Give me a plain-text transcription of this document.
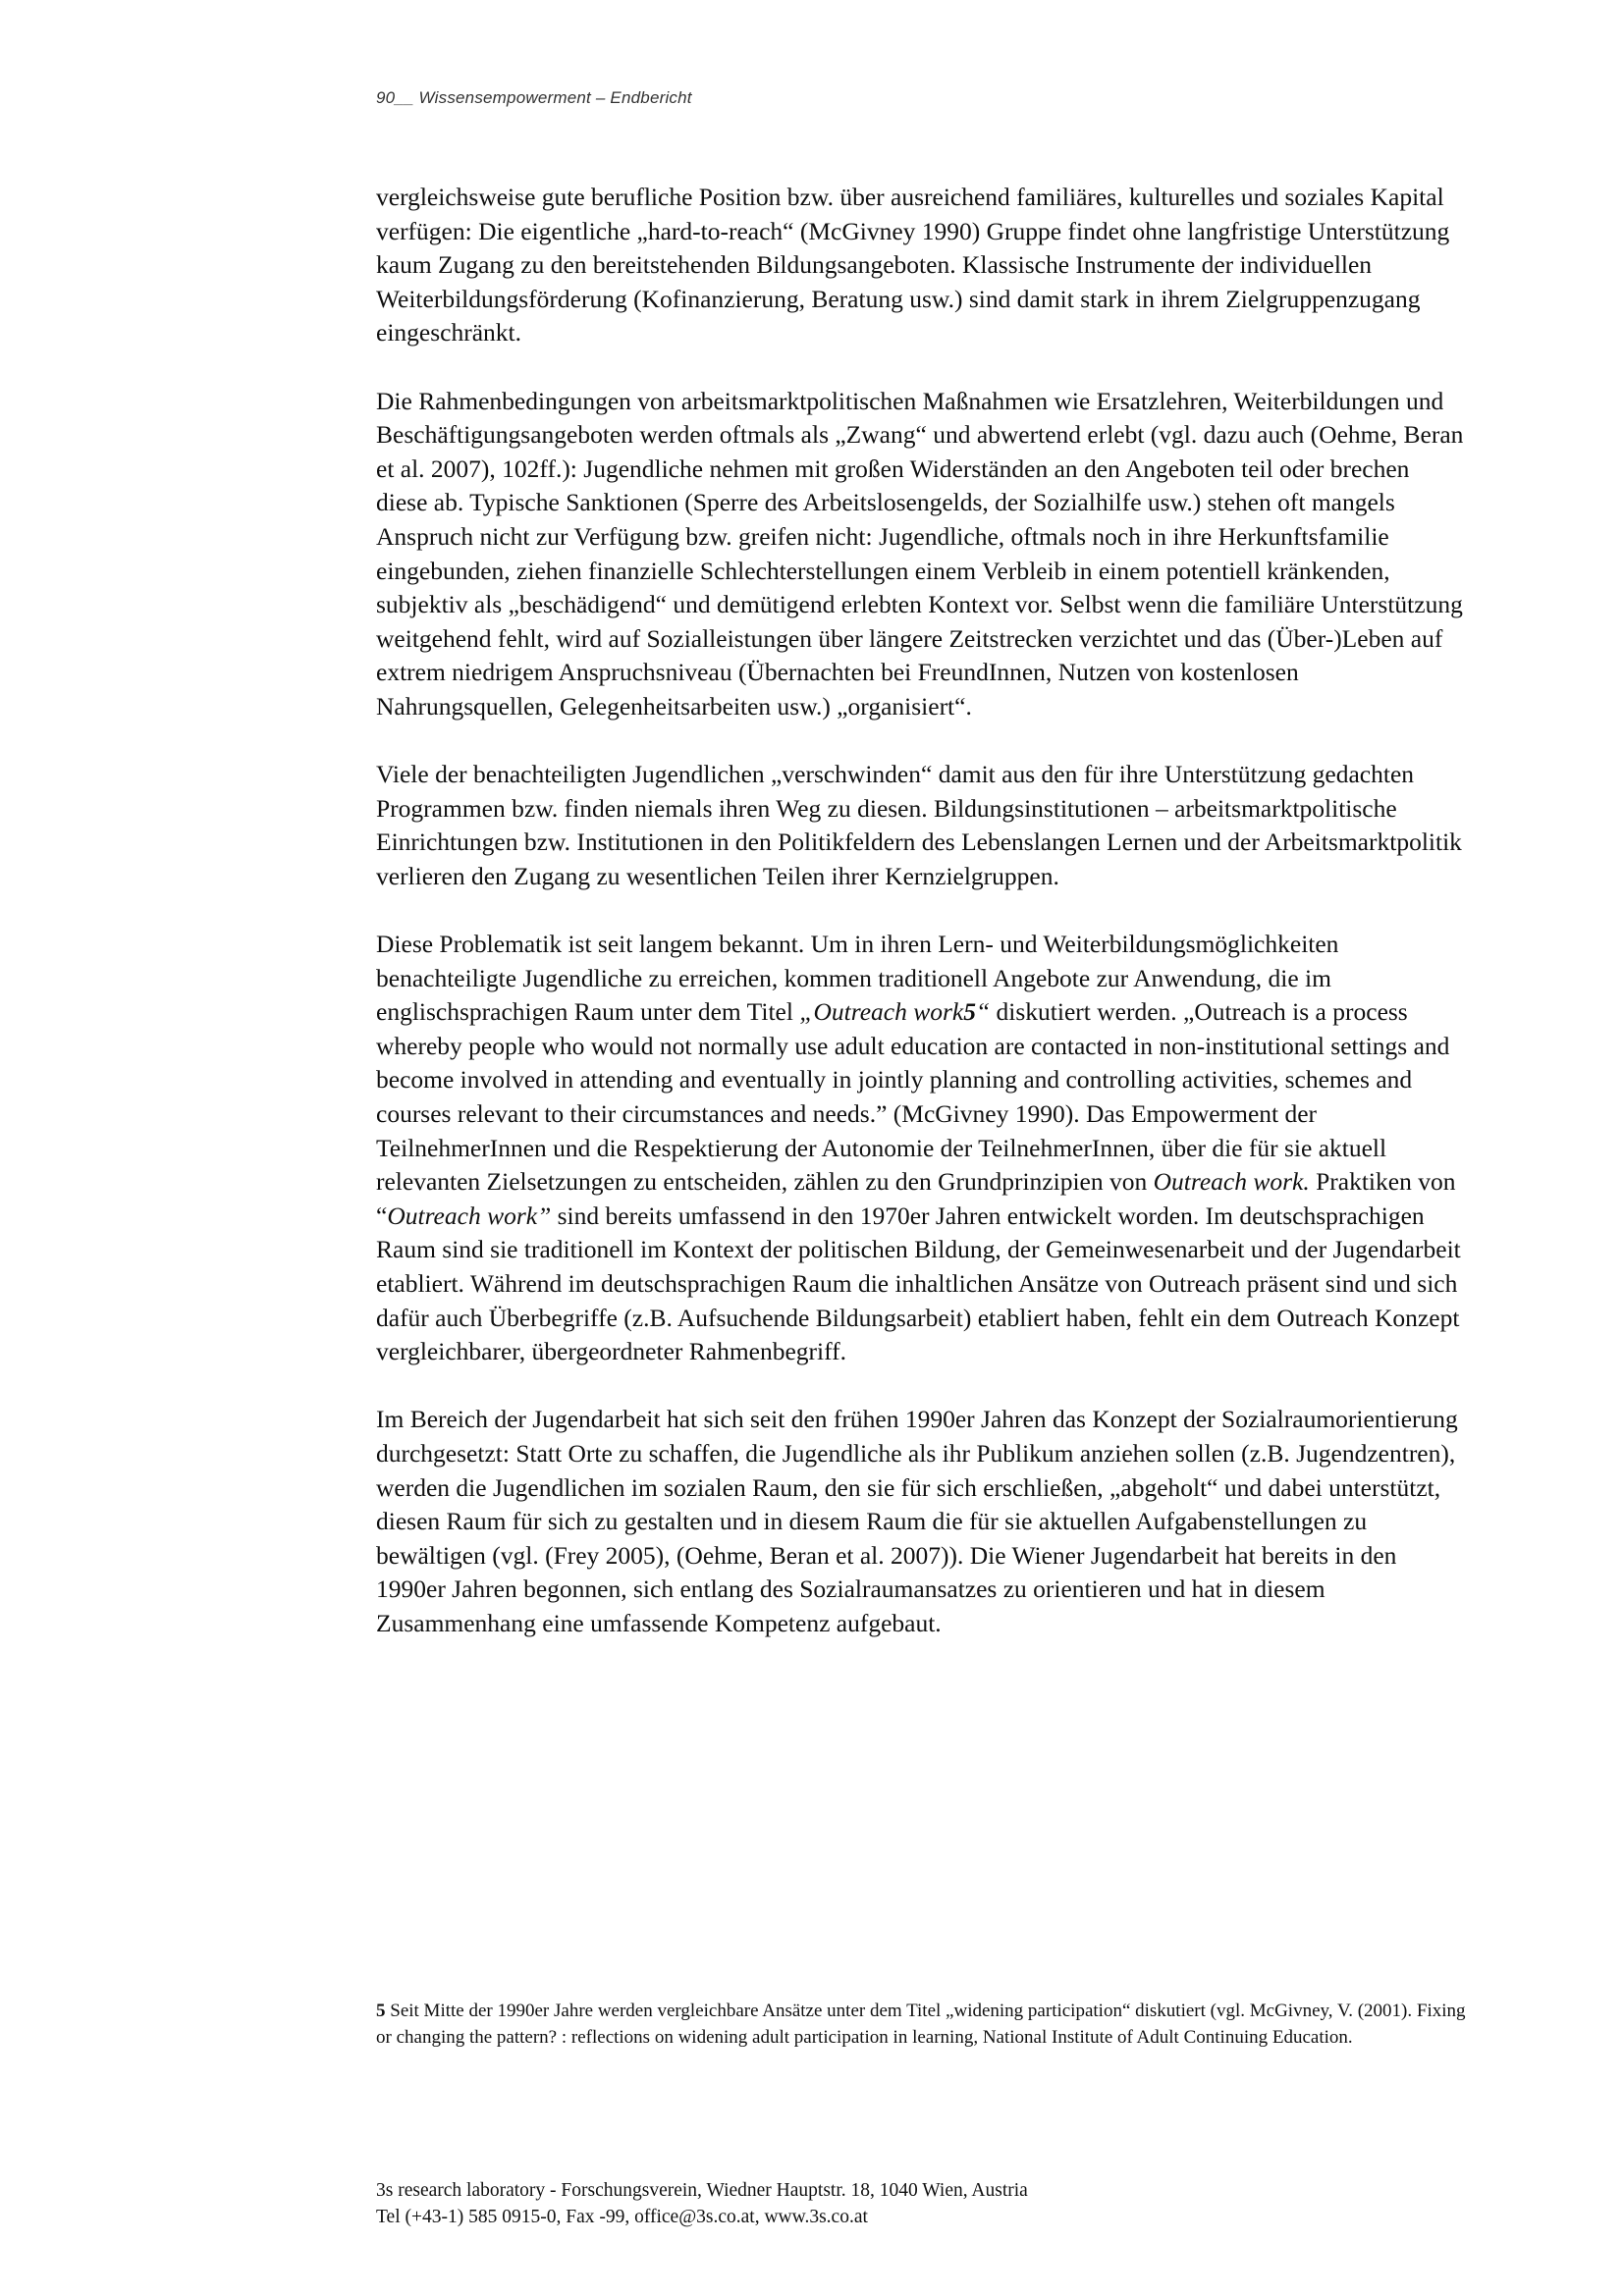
90__ Wissensempowerment – Endbericht

vergleichsweise gute berufliche Position bzw. über ausreichend familiäres, kulturelles und soziales Kapital verfügen: Die eigentliche „hard-to-reach“ (McGivney 1990) Gruppe findet ohne langfristige Unterstützung kaum Zugang zu den bereitstehenden Bildungsangeboten. Klassische Instrumente der individuellen Weiterbildungsförderung (Kofinanzierung, Beratung usw.) sind damit stark in ihrem Zielgruppenzugang eingeschränkt.

Die Rahmenbedingungen von arbeitsmarktpolitischen Maßnahmen wie Ersatzlehren, Weiterbildungen und Beschäftigungsangeboten werden oftmals als „Zwang“ und abwertend erlebt (vgl. dazu auch (Oehme, Beran et al. 2007), 102ff.): Jugendliche nehmen mit großen Widerständen an den Angeboten teil oder brechen diese ab. Typische Sanktionen (Sperre des Arbeitslosengelds, der Sozialhilfe usw.) stehen oft mangels Anspruch nicht zur Verfügung bzw. greifen nicht: Jugendliche, oftmals noch in ihre Herkunftsfamilie eingebunden, ziehen finanzielle Schlechterstellungen einem Verbleib in einem potentiell kränkenden, subjektiv als „beschädigend“ und demütigend erlebten Kontext vor. Selbst wenn die familiäre Unterstützung weitgehend fehlt, wird auf Sozialleistungen über längere Zeitstrecken verzichtet und das (Über-)Leben auf extrem niedrigem Anspruchsniveau (Übernachten bei FreundInnen, Nutzen von kostenlosen Nahrungsquellen, Gelegenheitsarbeiten usw.) „organisiert“.

Viele der benachteiligten Jugendlichen „verschwinden“ damit aus den für ihre Unterstützung gedachten Programmen bzw. finden niemals ihren Weg zu diesen. Bildungsinstitutionen – arbeitsmarktpolitische Einrichtungen bzw. Institutionen in den Politikfeldern des Lebenslangen Lernen und der Arbeitsmarktpolitik verlieren den Zugang zu wesentlichen Teilen ihrer Kernzielgruppen.

Diese Problematik ist seit langem bekannt. Um in ihren Lern- und Weiterbildungsmöglichkeiten benachteiligte Jugendliche zu erreichen, kommen traditionell Angebote zur Anwendung, die im englischsprachigen Raum unter dem Titel „Outreach work5“ diskutiert werden. „Outreach is a process whereby people who would not normally use adult education are contacted in non-institutional settings and become involved in attending and eventually in jointly planning and controlling activities, schemes and courses relevant to their circumstances and needs.” (McGivney 1990). Das Empowerment der TeilnehmerInnen und die Respektierung der Autonomie der TeilnehmerInnen, über die für sie aktuell relevanten Zielsetzungen zu entscheiden, zählen zu den Grundprinzipien von Outreach work. Praktiken von “Outreach work” sind bereits umfassend in den 1970er Jahren entwickelt worden. Im deutschsprachigen Raum sind sie traditionell im Kontext der politischen Bildung, der Gemeinwesenarbeit und der Jugendarbeit etabliert. Während im deutschsprachigen Raum die inhaltlichen Ansätze von Outreach präsent sind und sich dafür auch Überbegriffe (z.B. Aufsuchende Bildungsarbeit) etabliert haben, fehlt ein dem Outreach Konzept vergleichbarer, übergeordneter Rahmenbegriff.

Im Bereich der Jugendarbeit hat sich seit den frühen 1990er Jahren das Konzept der Sozialraumorientierung durchgesetzt: Statt Orte zu schaffen, die Jugendliche als ihr Publikum anziehen sollen (z.B. Jugendzentren), werden die Jugendlichen im sozialen Raum, den sie für sich erschließen, „abgeholt“ und dabei unterstützt, diesen Raum für sich zu gestalten und in diesem Raum die für sie aktuellen Aufgabenstellungen zu bewältigen (vgl. (Frey 2005), (Oehme, Beran et al. 2007)). Die Wiener Jugendarbeit hat bereits in den 1990er Jahren begonnen, sich entlang des Sozialraumansatzes zu orientieren und hat in diesem Zusammenhang eine umfassende Kompetenz aufgebaut.

5 Seit Mitte der 1990er Jahre werden vergleichbare Ansätze unter dem Titel „widening participation“ diskutiert (vgl. McGivney, V. (2001). Fixing or changing the pattern? : reflections on widening adult participation in learning, National Institute of Adult Continuing Education.

3s research laboratory - Forschungsverein, Wiedner Hauptstr. 18, 1040 Wien, Austria
Tel (+43-1) 585 0915-0, Fax -99, office@3s.co.at, www.3s.co.at
